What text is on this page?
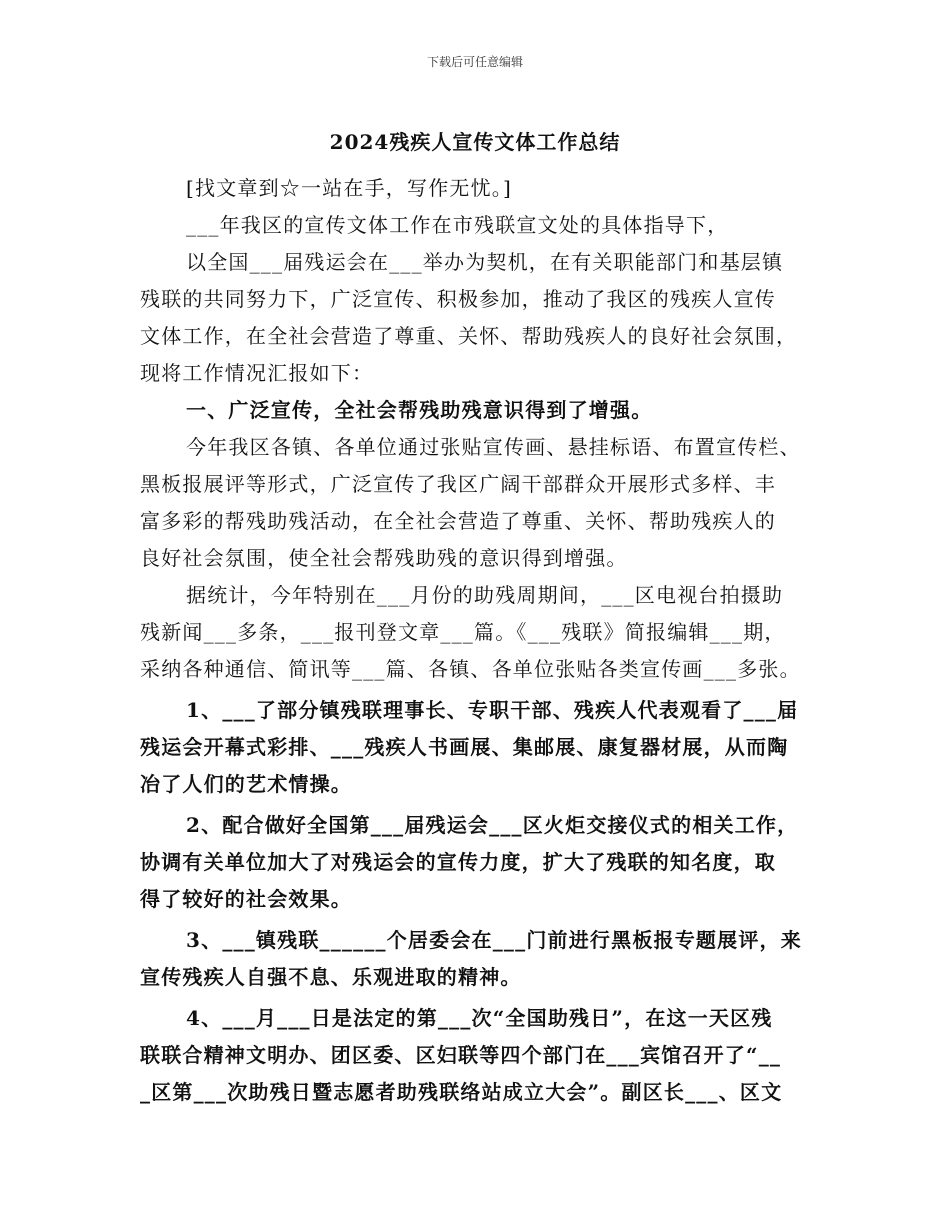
下载后可任意编辑
2024残疾人宣传文体工作总结
[找文章到☆一站在手，写作无忧。]
___年我区的宣传文体工作在市残联宣文处的具体指导下，
以全国___届残运会在___举办为契机，在有关职能部门和基层镇
残联的共同努力下，广泛宣传、积极参加，推动了我区的残疾人宣传
文体工作，在全社会营造了尊重、关怀、帮助残疾人的良好社会氛围，
现将工作情况汇报如下：
一、广泛宣传，全社会帮残助残意识得到了增强。
今年我区各镇、各单位通过张贴宣传画、悬挂标语、布置宣传栏、
黑板报展评等形式，广泛宣传了我区广阔干部群众开展形式多样、丰
富多彩的帮残助残活动，在全社会营造了尊重、关怀、帮助残疾人的
良好社会氛围，使全社会帮残助残的意识得到增强。
据统计，今年特别在___月份的助残周期间，___区电视台拍摄助
残新闻___多条，___报刊登文章___篇。《___残联》简报编辑___期，
采纳各种通信、简讯等___篇、各镇、各单位张贴各类宣传画___多张。
1、___了部分镇残联理事长、专职干部、残疾人代表观看了___届
残运会开幕式彩排、___残疾人书画展、集邮展、康复器材展，从而陶
冶了人们的艺术情操。
2、配合做好全国第___届残运会___区火炬交接仪式的相关工作，
协调有关单位加大了对残运会的宣传力度，扩大了残联的知名度，取
得了较好的社会效果。
3、___镇残联______个居委会在___门前进行黑板报专题展评，来
宣传残疾人自强不息、乐观进取的精神。
4、___月___日是法定的第___次“全国助残日”，在这一天区残
联联合精神文明办、团区委、区妇联等四个部门在___宾馆召开了“__
_区第___次助残日暨志愿者助残联络站成立大会”。副区长___、区文
